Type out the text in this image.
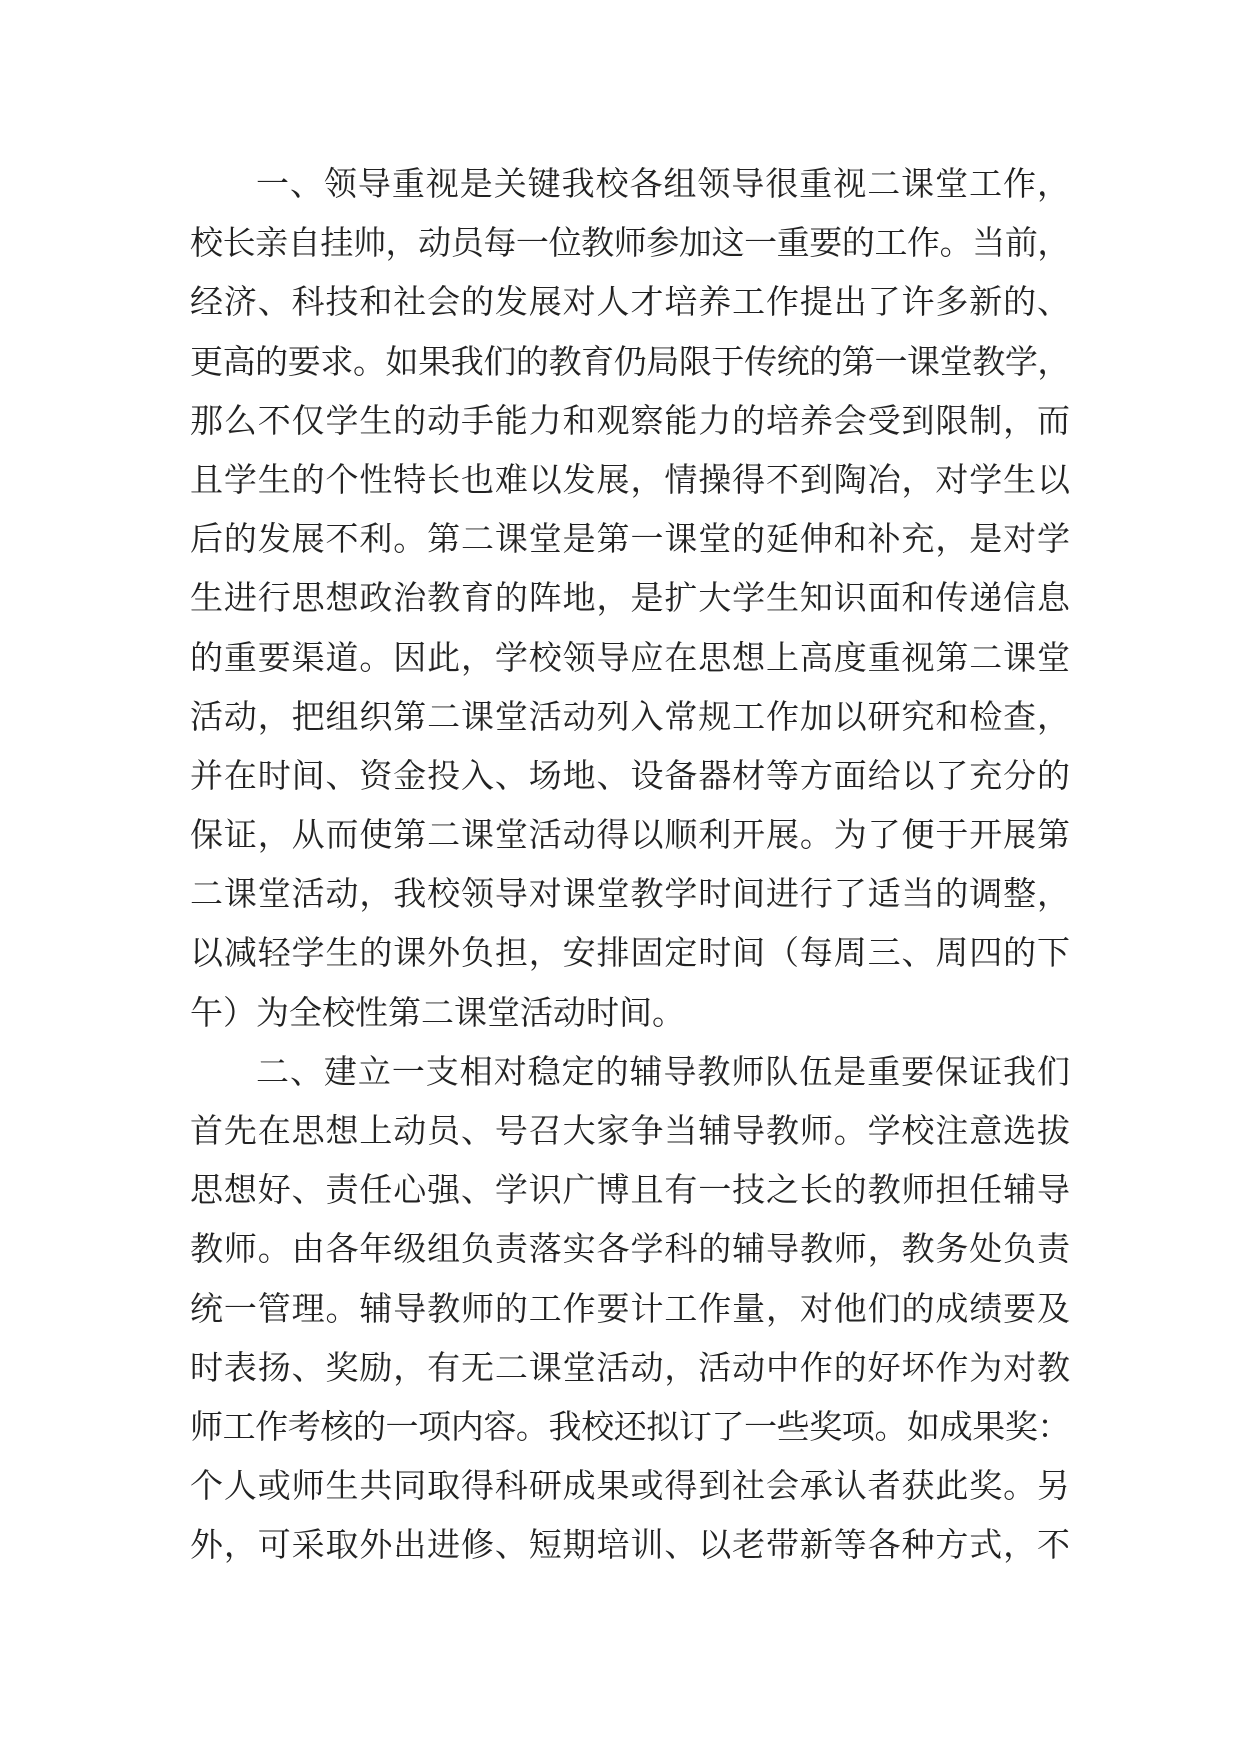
一、领导重视是关键我校各组领导很重视二课堂工作，
校长亲自挂帅，动员每一位教师参加这一重要的工作。当前，
经济、科技和社会的发展对人才培养工作提出了许多新的、
更高的要求。如果我们的教育仍局限于传统的第一课堂教学，
那么不仅学生的动手能力和观察能力的培养会受到限制，而
且学生的个性特长也难以发展，情操得不到陶冶，对学生以
后的发展不利。第二课堂是第一课堂的延伸和补充，是对学
生进行思想政治教育的阵地，是扩大学生知识面和传递信息
的重要渠道。因此，学校领导应在思想上高度重视第二课堂
活动，把组织第二课堂活动列入常规工作加以研究和检查，
并在时间、资金投入、场地、设备器材等方面给以了充分的
保证，从而使第二课堂活动得以顺利开展。为了便于开展第
二课堂活动，我校领导对课堂教学时间进行了适当的调整，
以减轻学生的课外负担，安排固定时间（每周三、周四的下
午）为全校性第二课堂活动时间。
二、建立一支相对稳定的辅导教师队伍是重要保证我们
首先在思想上动员、号召大家争当辅导教师。学校注意选拔
思想好、责任心强、学识广博且有一技之长的教师担任辅导
教师。由各年级组负责落实各学科的辅导教师，教务处负责
统一管理。辅导教师的工作要计工作量，对他们的成绩要及
时表扬、奖励，有无二课堂活动，活动中作的好坏作为对教
师工作考核的一项内容。我校还拟订了一些奖项。如成果奖：
个人或师生共同取得科研成果或得到社会承认者获此奖。另
外，可采取外出进修、短期培训、以老带新等各种方式，不
